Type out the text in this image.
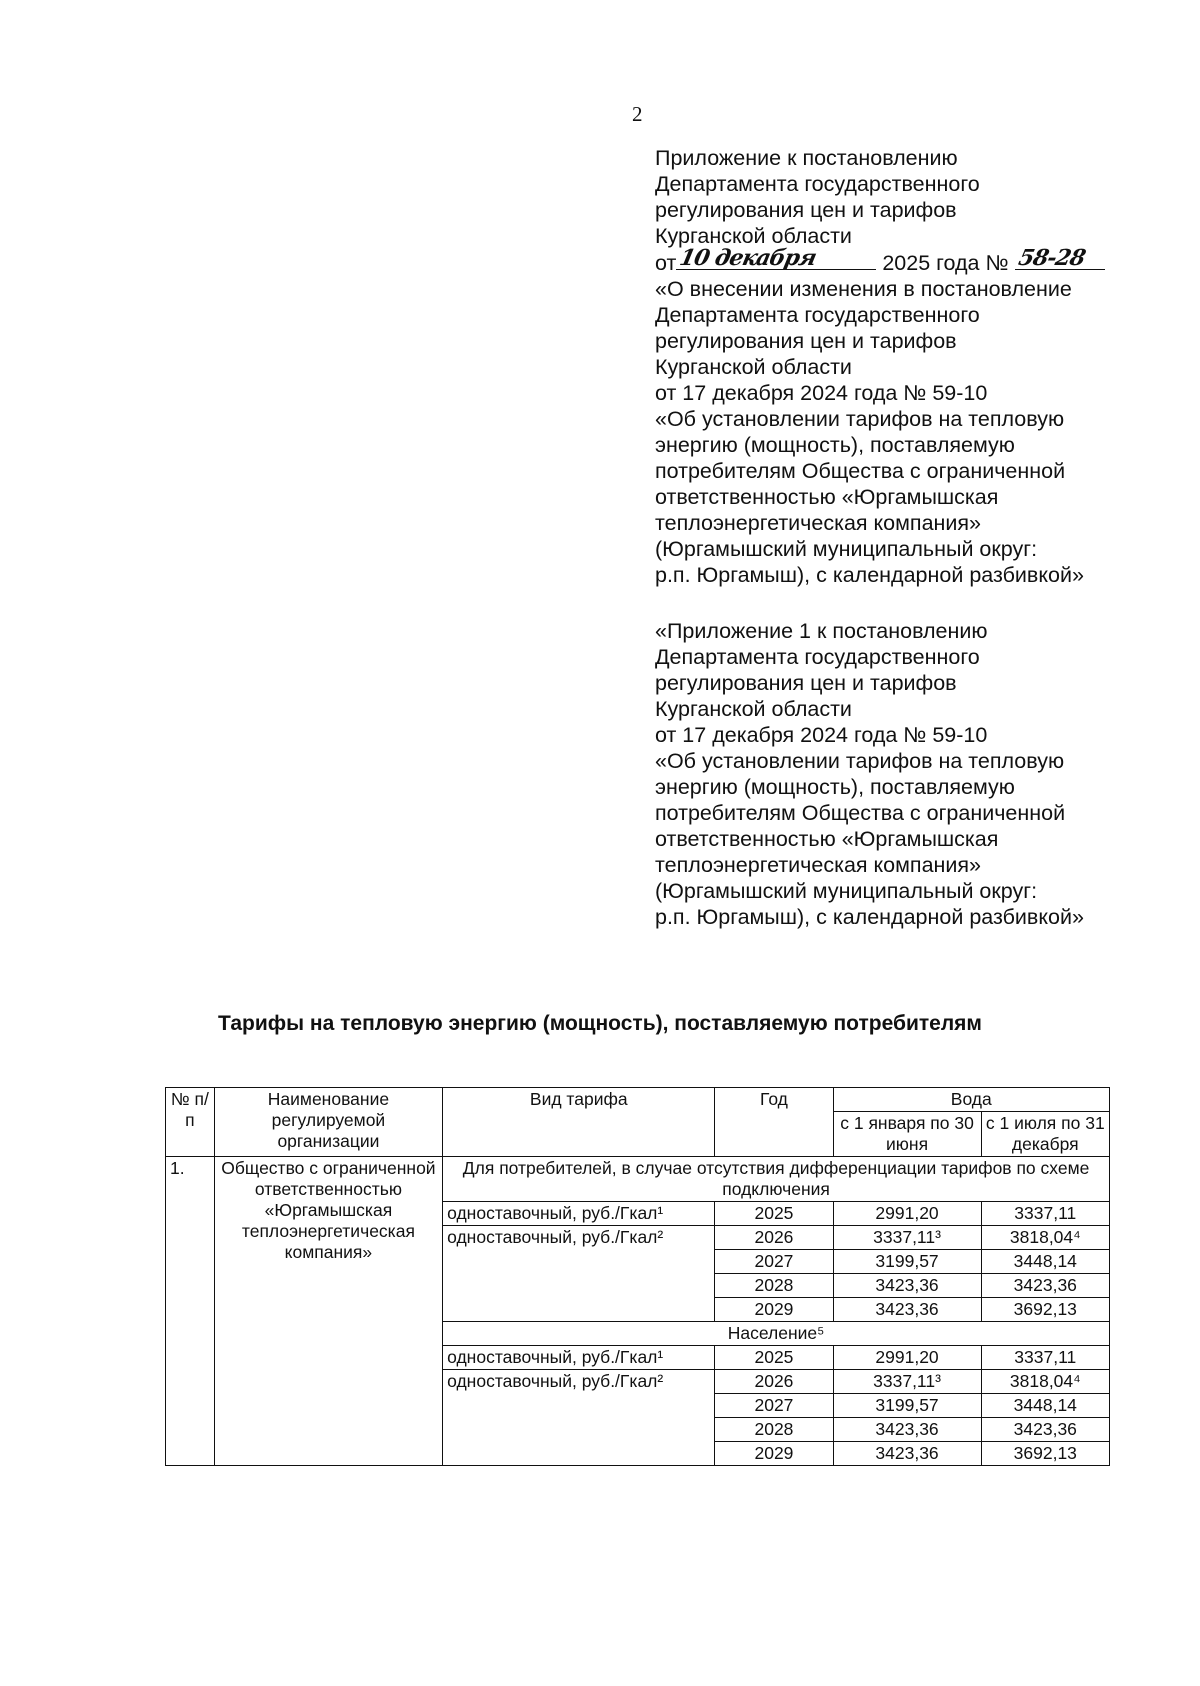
2
Приложение к постановлению
Департамента государственного
регулирования цен и тарифов
Курганской области
от 10 декабря	2025 года № 58-28
«О внесении изменения в постановление
Департамента государственного
регулирования цен и тарифов
Курганской области
от 17 декабря 2024 года № 59-10
«Об установлении тарифов на тепловую
энергию (мощность), поставляемую
потребителям Общества с ограниченной
ответственностью «Юргамышская
теплоэнергетическая компания»
(Юргамышский муниципальный округ:
р.п. Юргамыш), с календарной разбивкой»
«Приложение 1 к постановлению
Департамента государственного
регулирования цен и тарифов
Курганской области
от 17 декабря 2024 года № 59-10
«Об установлении тарифов на тепловую
энергию (мощность), поставляемую
потребителям Общества с ограниченной
ответственностью «Юргамышская
теплоэнергетическая компания»
(Юргамышский муниципальный округ:
р.п. Юргамыш), с календарной разбивкой»
Тарифы на тепловую энергию (мощность), поставляемую потребителям
№ п/п	Наименование регулируемой организации	Вид тарифа	Год	Вода	
				с 1 января по 30 июня	с 1 июля по 31 декабря
1.	Общество с ограниченной ответственностью «Юргамышская теплоэнергетическая компания»	Для потребителей, в случае отсутствия дифференциации тарифов по схеме подключения			
		одноставочный, руб./Гкал¹	2025	2991,20	3337,11
		одноставочный, руб./Гкал²	2026	3337,11³	3818,04⁴
			2027	3199,57	3448,14
			2028	3423,36	3423,36
			2029	3423,36	3692,13
		Население⁵			
		одноставочный, руб./Гкал¹	2025	2991,20	3337,11
		одноставочный, руб./Гкал²	2026	3337,11³	3818,04⁴
			2027	3199,57	3448,14
			2028	3423,36	3423,36
			2029	3423,36	3692,13
